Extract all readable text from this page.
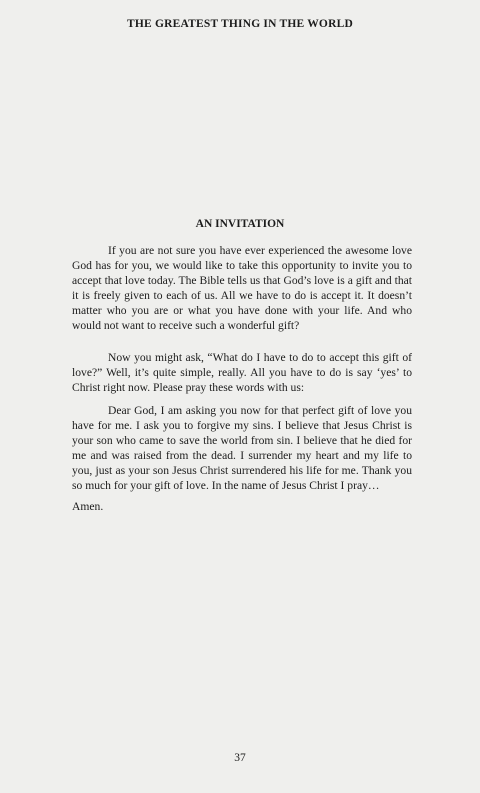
THE GREATEST THING IN THE WORLD
AN INVITATION

If you are not sure you have ever experienced the awesome love God has for you, we would like to take this opportunity to invite you to accept that love today. The Bible tells us that God’s love is a gift and that it is freely given to each of us. All we have to do is accept it. It doesn’t matter who you are or what you have done with your life. And who would not want to receive such a wonderful gift?

Now you might ask, “What do I have to do to accept this gift of love?” Well, it’s quite simple, really. All you have to do is say ‘yes’ to Christ right now. Please pray these words with us:

Dear God, I am asking you now for that perfect gift of love you have for me. I ask you to forgive my sins. I believe that Jesus Christ is your son who came to save the world from sin. I believe that he died for me and was raised from the dead. I surrender my heart and my life to you, just as your son Jesus Christ surrendered his life for me. Thank you so much for your gift of love. In the name of Jesus Christ I pray…

Amen.

37
